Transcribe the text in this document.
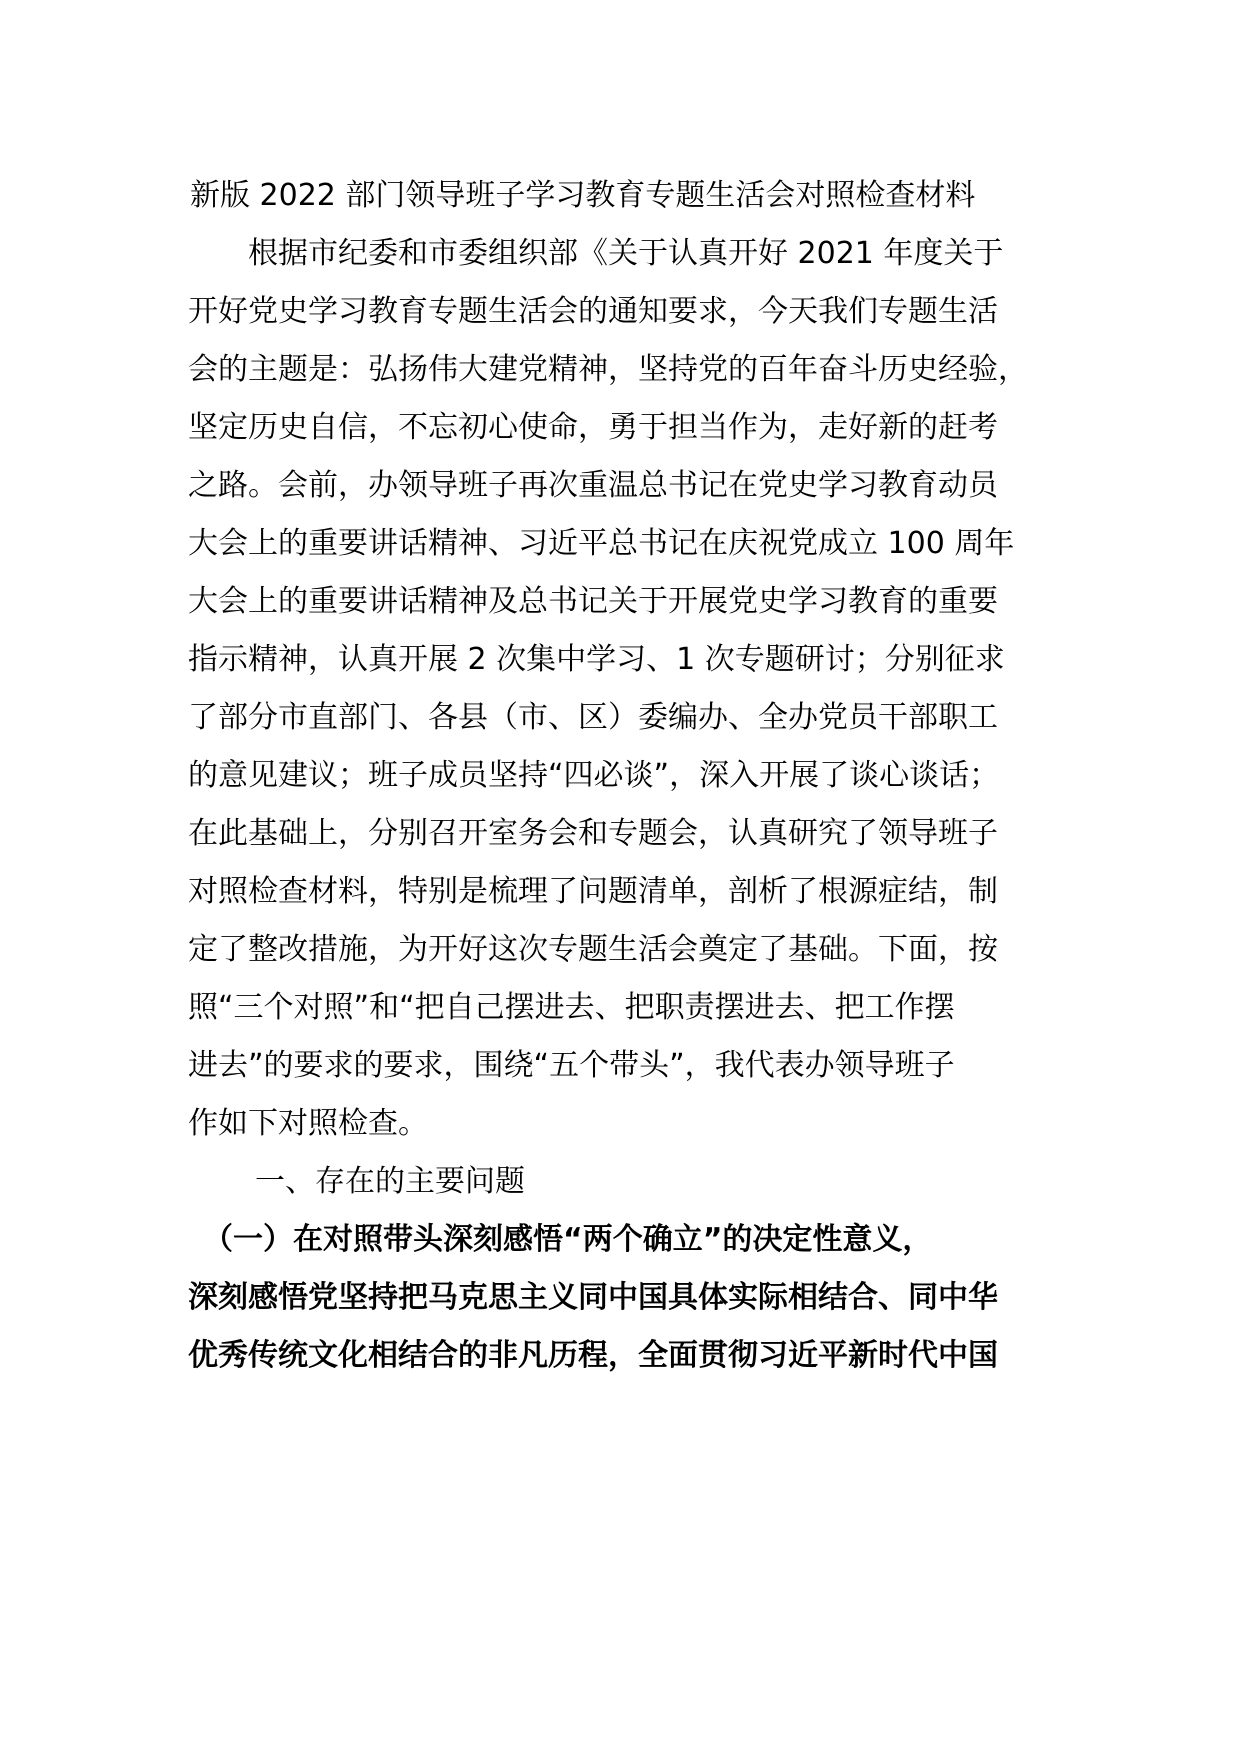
新版 2022 部门领导班子学习教育专题生活会对照检查材料
　　根据市纪委和市委组织部《关于认真开好 2021 年度关于
开好党史学习教育专题生活会的通知要求，今天我们专题生活
会的主题是：弘扬伟大建党精神，坚持党的百年奋斗历史经验，
坚定历史自信，不忘初心使命，勇于担当作为，走好新的赶考
之路。会前，办领导班子再次重温总书记在党史学习教育动员
大会上的重要讲话精神、习近平总书记在庆祝党成立 100 周年
大会上的重要讲话精神及总书记关于开展党史学习教育的重要
指示精神，认真开展 2 次集中学习、1 次专题研讨；分别征求
了部分市直部门、各县（市、区）委编办、全办党员干部职工
的意见建议；班子成员坚持“四必谈”，深入开展了谈心谈话；
在此基础上，分别召开室务会和专题会，认真研究了领导班子
对照检查材料，特别是梳理了问题清单，剖析了根源症结，制
定了整改措施，为开好这次专题生活会奠定了基础。下面，按
照“三个对照”和“把自己摆进去、把职责摆进去、把工作摆
进去”的要求的要求，围绕“五个带头”，我代表办领导班子
作如下对照检查。
一、存在的主要问题
　（一）在对照带头深刻感悟“两个确立”的决定性意义，
深刻感悟党坚持把马克思主义同中国具体实际相结合、同中华
优秀传统文化相结合的非凡历程，全面贯彻习近平新时代中国
